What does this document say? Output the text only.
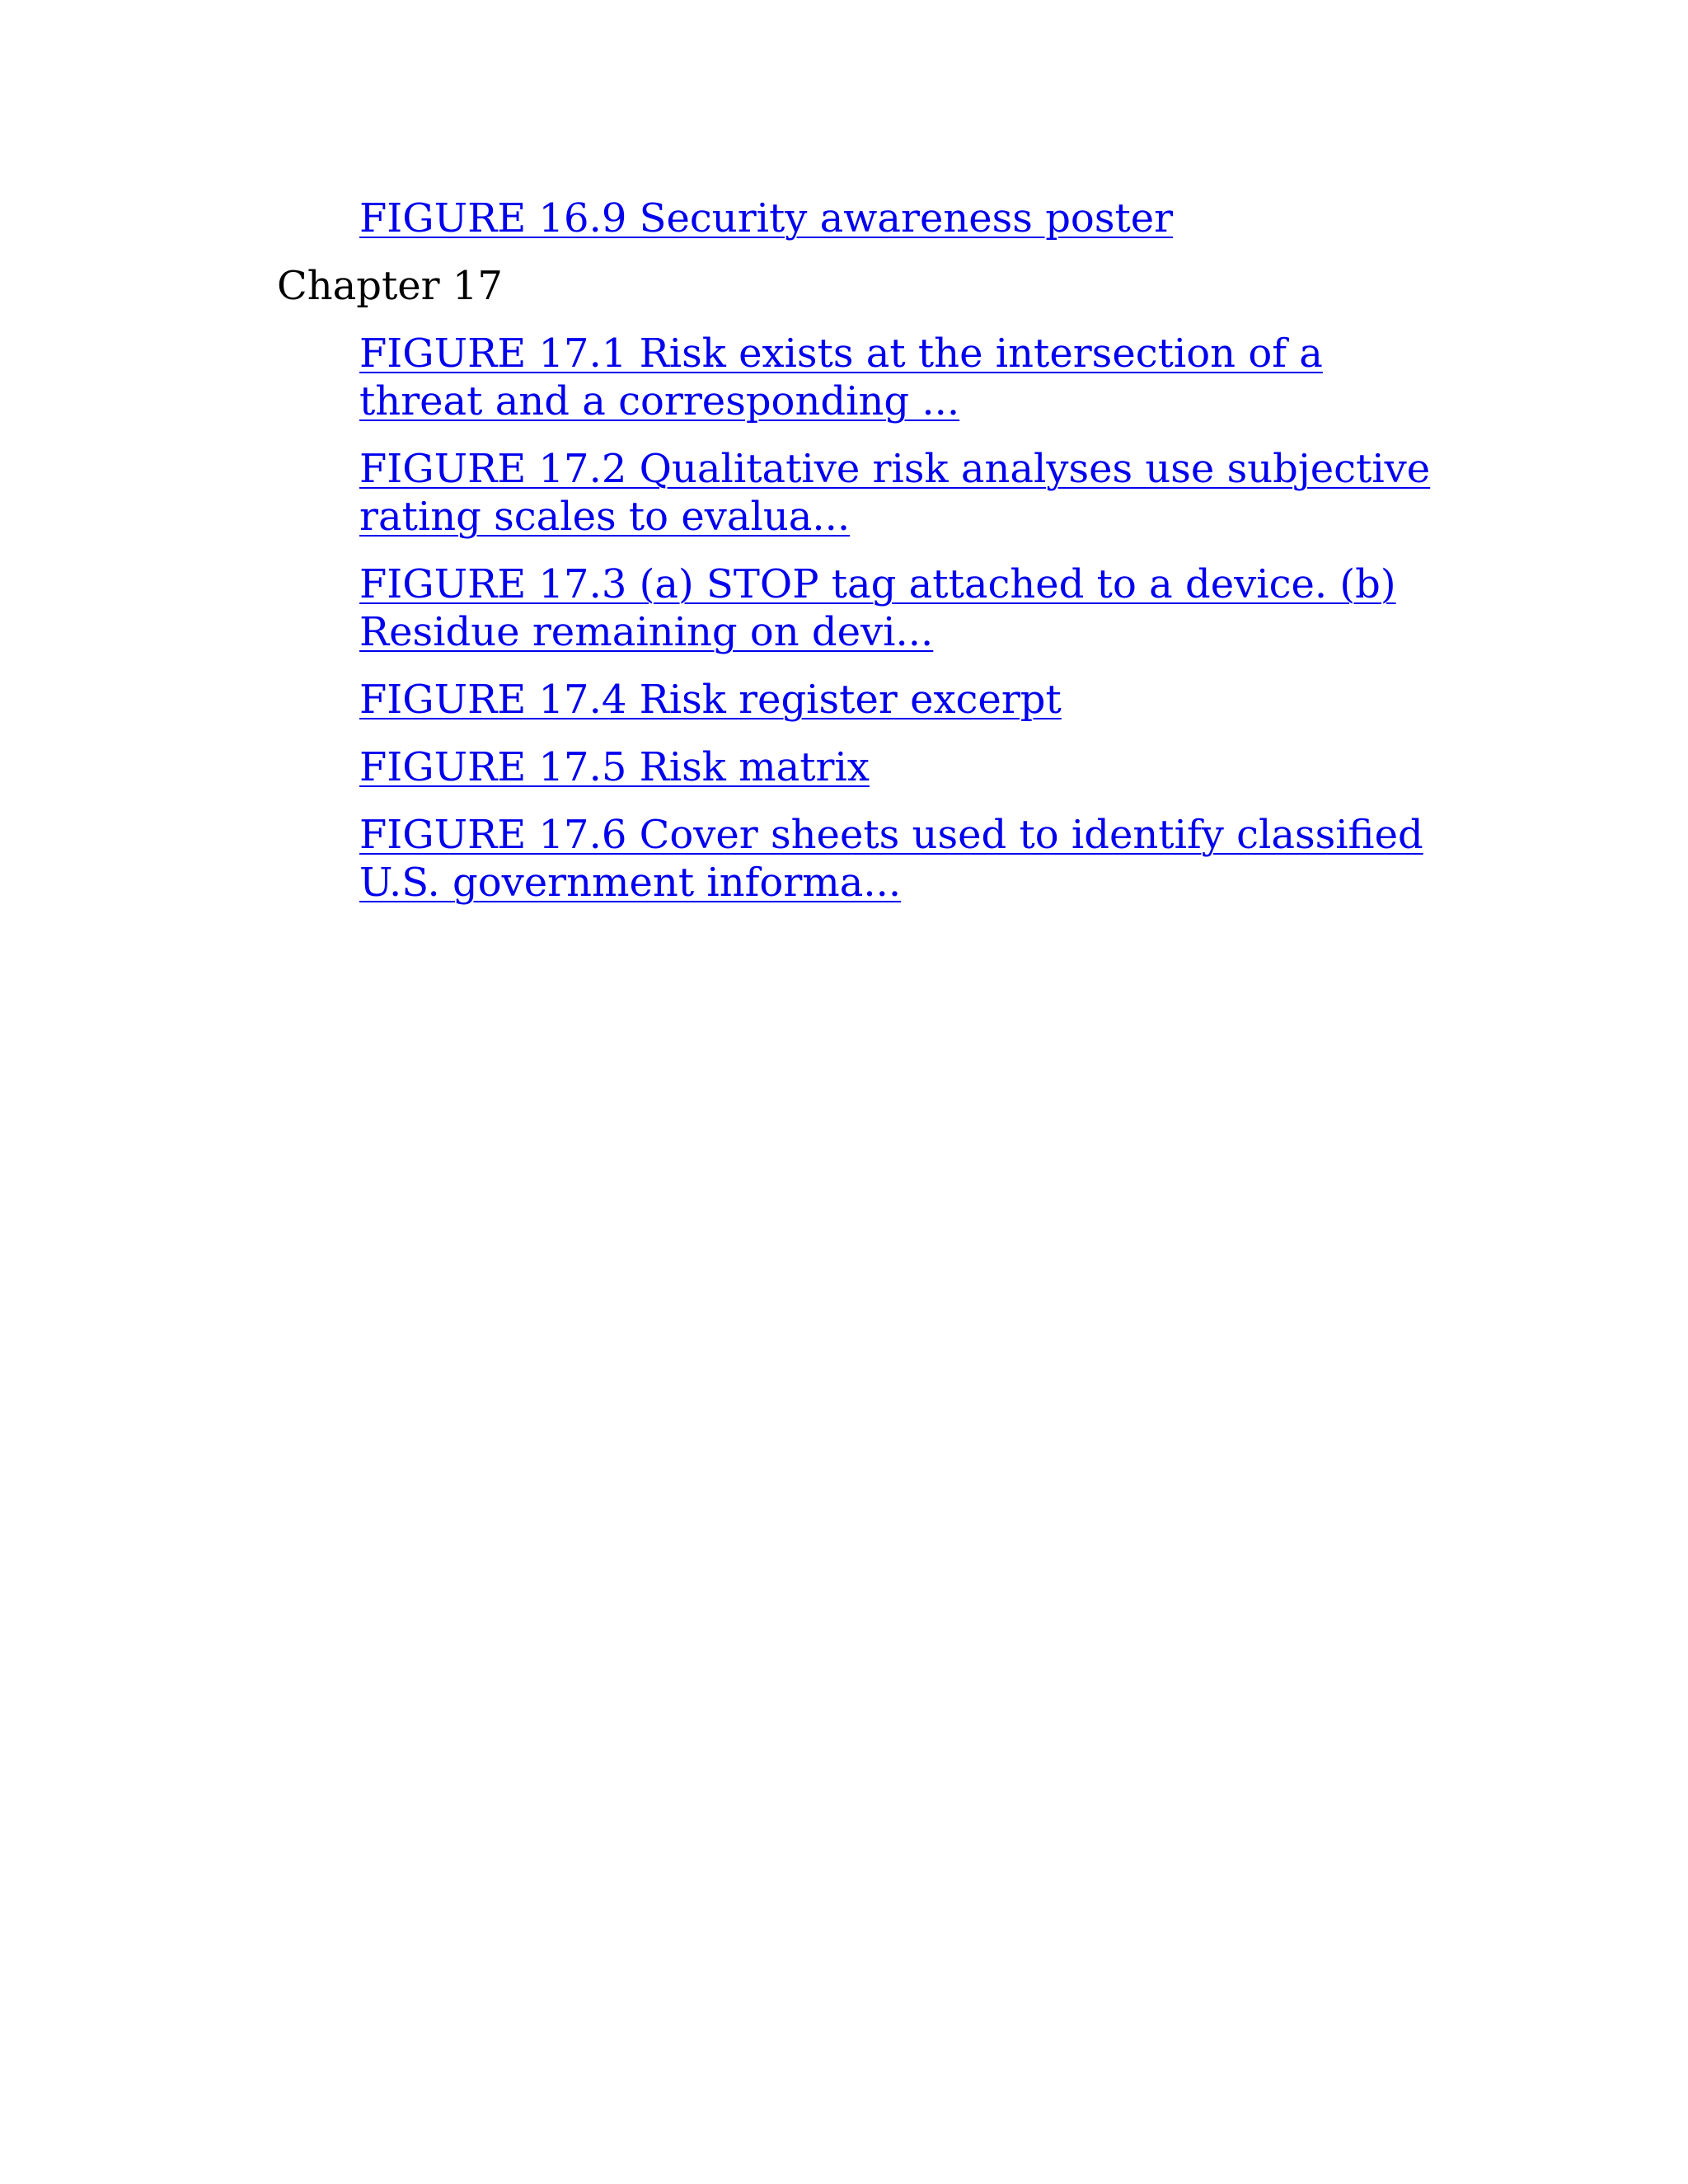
FIGURE 16.9 Security awareness poster
Chapter 17
FIGURE 17.1 Risk exists at the intersection of a threat and a corresponding ...
FIGURE 17.2 Qualitative risk analyses use subjective rating scales to evalua...
FIGURE 17.3 (a) STOP tag attached to a device. (b) Residue remaining on devi...
FIGURE 17.4 Risk register excerpt
FIGURE 17.5 Risk matrix
FIGURE 17.6 Cover sheets used to identify classified U.S. government informa...
